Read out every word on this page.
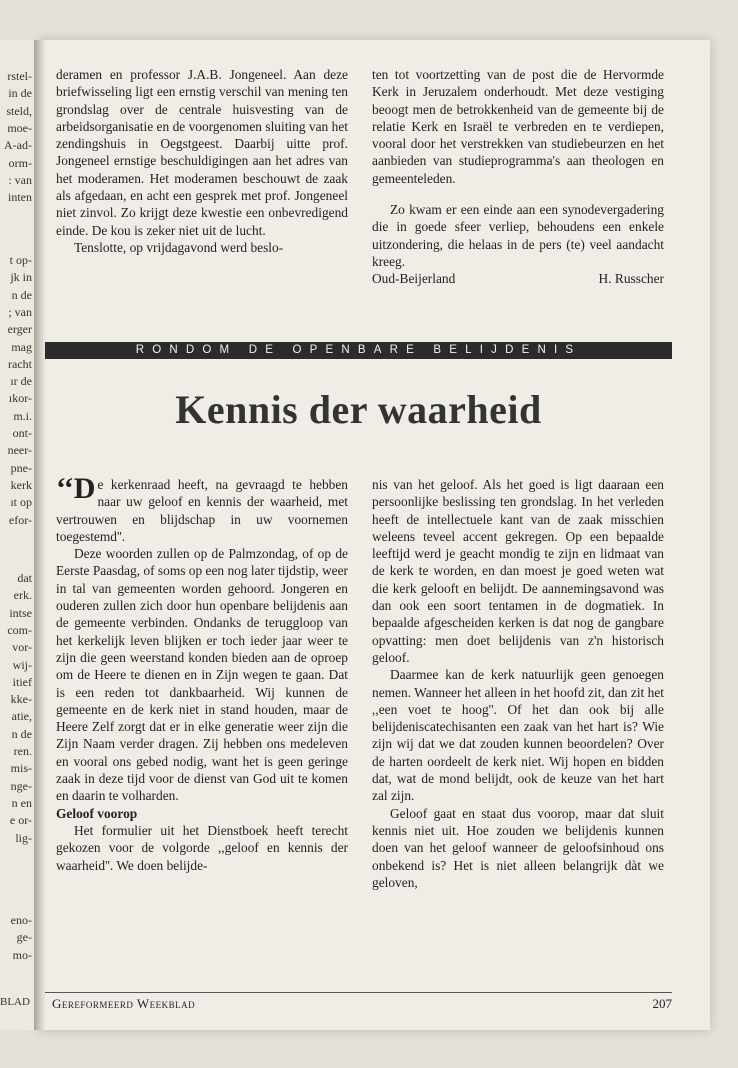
rstel-
in de
steld,
moe-
A-ad-
orm-
: van
inten
t op-
jk in
n de
; van
erger
mag
racht
ır de
ıkor-
m.i.
ont-
neer-
pne-
kerk
ıt op
efor-
dat
erk.
intse
com-
vor-
wij-
itief
kke-
atie,
n de
ren.
mis-
nge-
n en
e or-
lig-
eno-
ge-
mo-
BLAD

deramen en professor J.A.B. Jongeneel. Aan deze briefwisseling ligt een ernstig verschil van mening ten grondslag over de centrale huisvesting van de arbeidsorganisatie en de voorgenomen sluiting van het zendingshuis in Oegstgeest. Daarbij uitte prof. Jongeneel ernstige beschuldigingen aan het adres van het moderamen. Het moderamen beschouwt de zaak als afgedaan, en acht een gesprek met prof. Jongeneel niet zinvol. Zo krijgt deze kwestie een onbevredigend einde. De kou is zeker niet uit de lucht.

Tenslotte, op vrijdagavond werd beslo-

ten tot voortzetting van de post die de Hervormde Kerk in Jeruzalem onderhoudt. Met deze vestiging beoogt men de betrokkenheid van de gemeente bij de relatie Kerk en Israël te verbreden en te verdiepen, vooral door het verstrekken van studiebeurzen en het aanbieden van studieprogramma's aan theologen en gemeenteleden.

Zo kwam er een einde aan een synodevergadering die in goede sfeer verliep, behoudens een enkele uitzondering, die helaas in de pers (te) veel aandacht kreeg.

Oud-Beijerland	H. Russcher
RONDOM DE OPENBARE BELIJDENIS
Kennis der waarheid

‘‘D e kerkenraad heeft, na gevraagd te hebben naar uw geloof en kennis der waarheid, met vertrouwen en blijdschap in uw voornemen toegestemd''.

Deze woorden zullen op de Palmzondag, of op de Eerste Paasdag, of soms op een nog later tijdstip, weer in tal van gemeenten worden gehoord. Jongeren en ouderen zullen zich door hun openbare belijdenis aan de gemeente verbinden. Ondanks de teruggloop van het kerkelijk leven blijken er toch ieder jaar weer te zijn die geen weerstand konden bieden aan de oproep om de Heere te dienen en in Zijn wegen te gaan. Dat is een reden tot dankbaarheid. Wij kunnen de gemeente en de kerk niet in stand houden, maar de Heere Zelf zorgt dat er in elke generatie weer zijn die Zijn Naam verder dragen. Zij hebben ons medeleven en vooral ons gebed nodig, want het is geen geringe zaak in deze tijd voor de dienst van God uit te komen en daarin te volharden.

Geloof voorop

Het formulier uit het Dienstboek heeft terecht gekozen voor de volgorde ,,geloof en kennis der waarheid''. We doen belijde-

nis van het geloof. Als het goed is ligt daaraan een persoonlijke beslissing ten grondslag. In het verleden heeft de intellectuele kant van de zaak misschien weleens teveel accent gekregen. Op een bepaalde leeftijd werd je geacht mondig te zijn en lidmaat van de kerk te worden, en dan moest je goed weten wat die kerk gelooft en belijdt. De aannemingsavond was dan ook een soort tentamen in de dogmatiek. In bepaalde afgescheiden kerken is dat nog de gangbare opvatting: men doet belijdenis van z'n historisch geloof.

Daarmee kan de kerk natuurlijk geen genoegen nemen. Wanneer het alleen in het hoofd zit, dan zit het ,,een voet te hoog''. Of het dan ook bij alle belijdeniscatechisanten een zaak van het hart is? Wie zijn wij dat we dat zouden kunnen beoordelen? Over de harten oordeelt de kerk niet. Wij hopen en bidden dat, wat de mond belijdt, ook de keuze van het hart zal zijn.

Geloof gaat en staat dus voorop, maar dat sluit kennis niet uit. Hoe zouden we belijdenis kunnen doen van het geloof wanneer de geloofsinhoud ons onbekend is? Het is niet alleen belangrijk dàt we geloven,

Gereformeerd Weekblad	207
